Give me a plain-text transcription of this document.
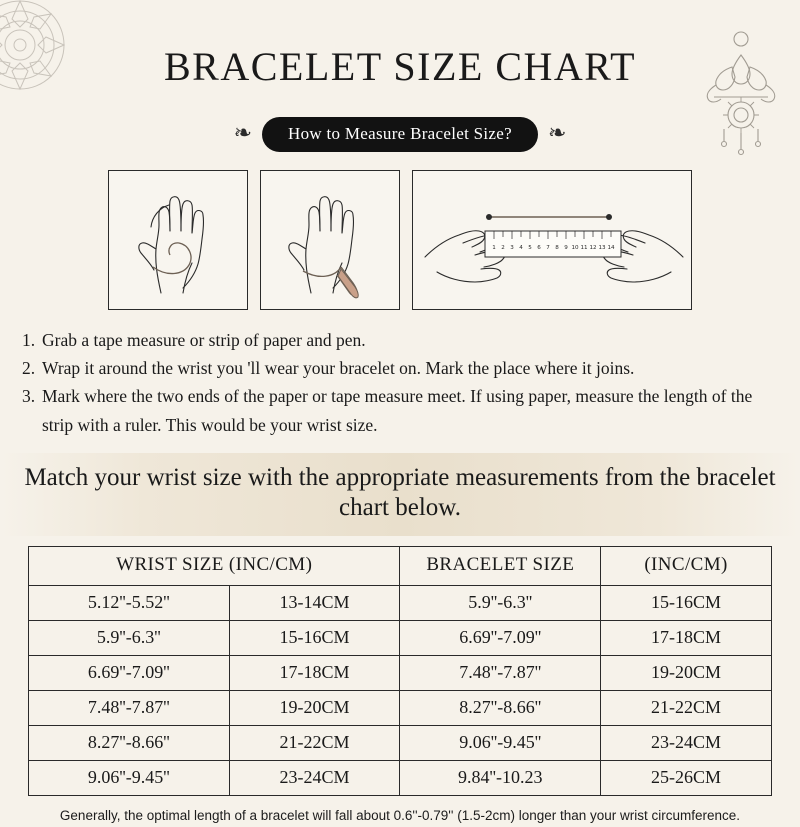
BRACELET SIZE CHART
❧	How to Measure Bracelet Size?	❧
1 2 3 4 5 6 7 8 9 10 11 12 13 14
1. Grab a tape measure or strip of paper and pen.
2. Wrap it around the wrist you 'll wear your bracelet on. Mark the place where it joins.
3. Mark where the two ends of the paper or tape measure meet. If using paper, measure the length of the strip with a ruler. This would be your wrist size.
Match your wrist size with the appropriate measurements from the bracelet chart below.
WRIST SIZE (INC/CM)		BRACELET SIZE	(INC/CM)
5.12''-5.52''	13-14CM	5.9''-6.3''	15-16CM
5.9''-6.3''	15-16CM	6.69''-7.09''	17-18CM
6.69''-7.09''	17-18CM	7.48''-7.87''	19-20CM
7.48''-7.87''	19-20CM	8.27''-8.66''	21-22CM
8.27''-8.66''	21-22CM	9.06''-9.45''	23-24CM
9.06''-9.45''	23-24CM	9.84''-10.23	25-26CM
Generally, the optimal length of a bracelet will fall about 0.6''-0.79'' (1.5-2cm) longer than your wrist circumference.
